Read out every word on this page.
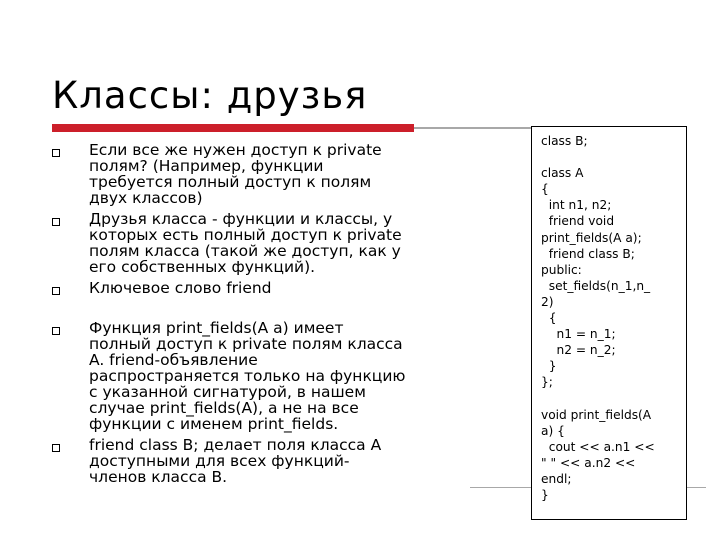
Классы: друзья
Если все же нужен доступ к private
полям? (Например, функции
требуется полный доступ к полям
двух классов)
Друзья класса - функции и классы, у
которых есть полный доступ к private
полям класса (такой же доступ, как у
его собственных функций).
Ключевое слово friend
Функция print_fields(A a) имеет
полный доступ к private полям класса
A. friend-объявление
распространяется только на функцию
с указанной сигнатурой, в нашем
случае print_fields(A), а не на все
функции с именем print_fields.
friend class B; делает поля класса A
доступными для всех функций-
членов класса B.
class B;

class A
{
int n1, n2;
friend void
print_fields(A a);
friend class B;
public:
set_fields(n_1,n_
2)
{
n1 = n_1;
n2 = n_2;
}
};

void print_fields(A
a) {
cout << a.n1 <<
" " << a.n2 <<
endl;
}
